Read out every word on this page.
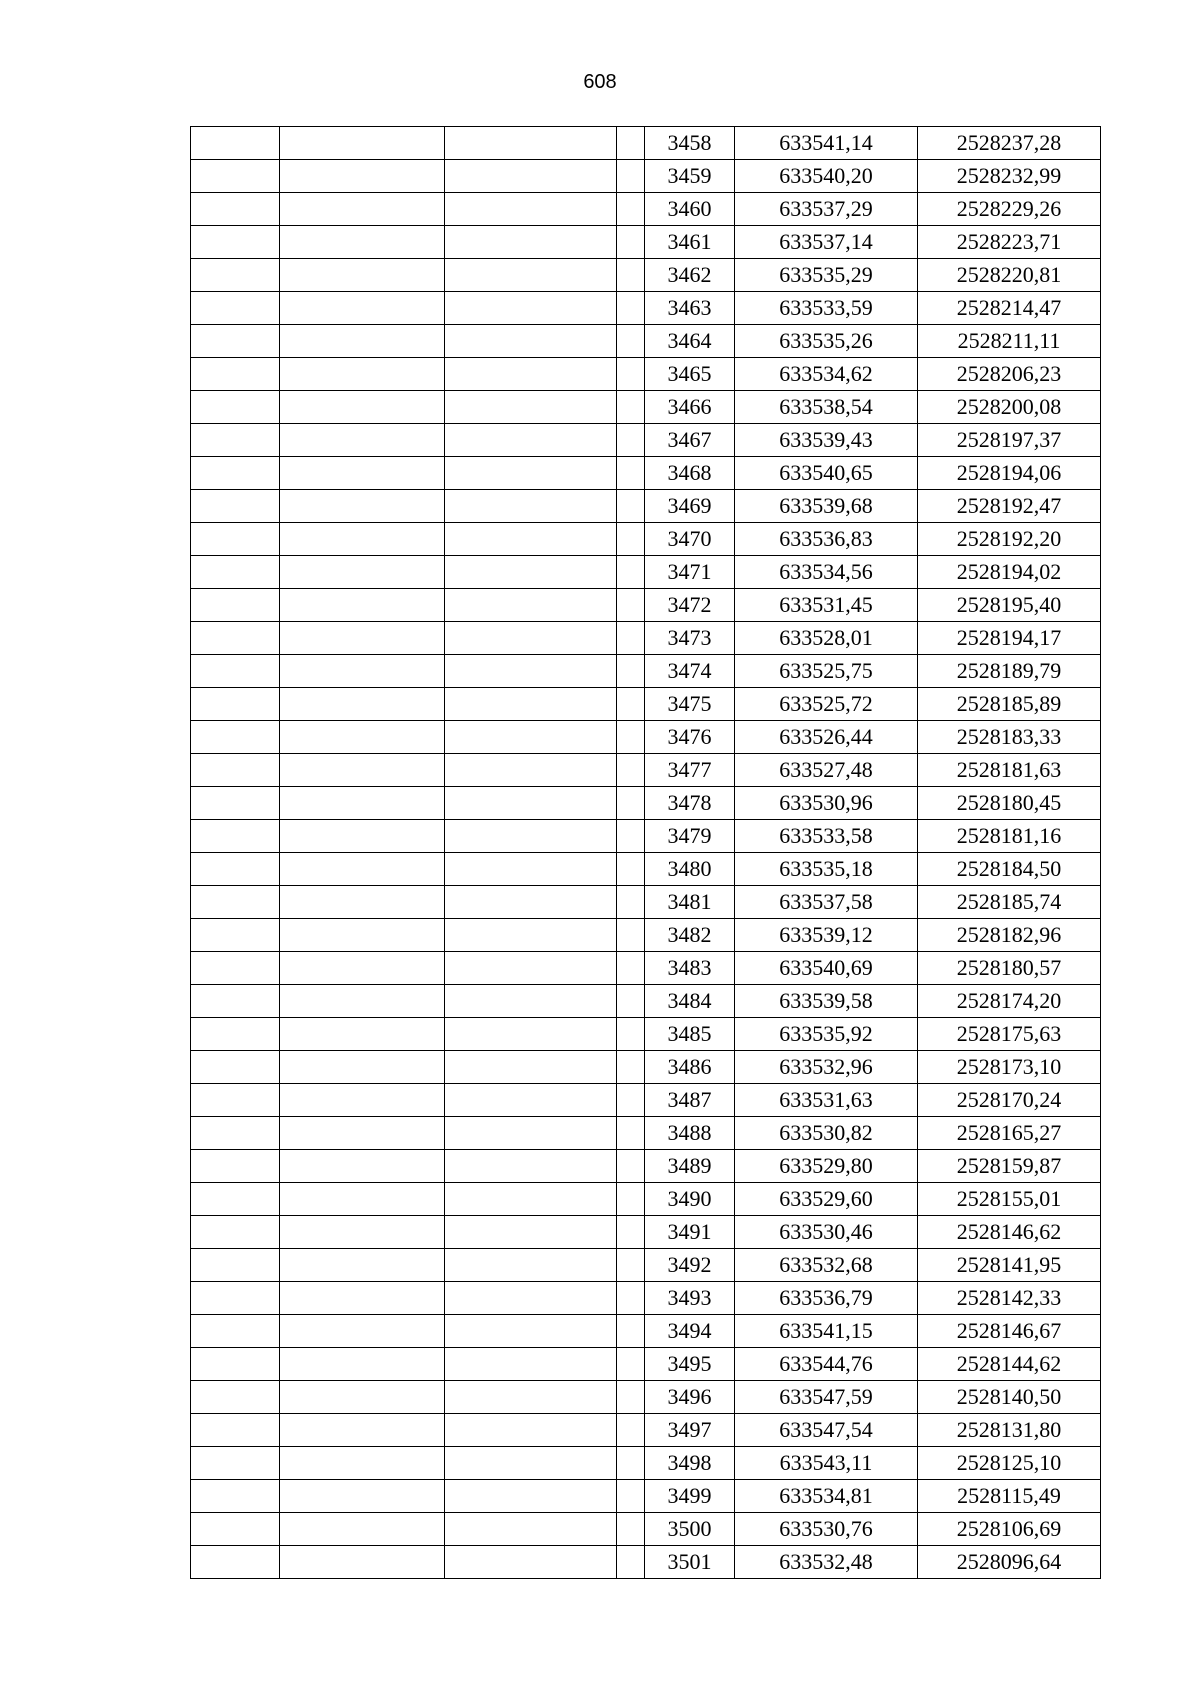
608
				3458	633541,14	2528237,28
				3459	633540,20	2528232,99
				3460	633537,29	2528229,26
				3461	633537,14	2528223,71
				3462	633535,29	2528220,81
				3463	633533,59	2528214,47
				3464	633535,26	2528211,11
				3465	633534,62	2528206,23
				3466	633538,54	2528200,08
				3467	633539,43	2528197,37
				3468	633540,65	2528194,06
				3469	633539,68	2528192,47
				3470	633536,83	2528192,20
				3471	633534,56	2528194,02
				3472	633531,45	2528195,40
				3473	633528,01	2528194,17
				3474	633525,75	2528189,79
				3475	633525,72	2528185,89
				3476	633526,44	2528183,33
				3477	633527,48	2528181,63
				3478	633530,96	2528180,45
				3479	633533,58	2528181,16
				3480	633535,18	2528184,50
				3481	633537,58	2528185,74
				3482	633539,12	2528182,96
				3483	633540,69	2528180,57
				3484	633539,58	2528174,20
				3485	633535,92	2528175,63
				3486	633532,96	2528173,10
				3487	633531,63	2528170,24
				3488	633530,82	2528165,27
				3489	633529,80	2528159,87
				3490	633529,60	2528155,01
				3491	633530,46	2528146,62
				3492	633532,68	2528141,95
				3493	633536,79	2528142,33
				3494	633541,15	2528146,67
				3495	633544,76	2528144,62
				3496	633547,59	2528140,50
				3497	633547,54	2528131,80
				3498	633543,11	2528125,10
				3499	633534,81	2528115,49
				3500	633530,76	2528106,69
				3501	633532,48	2528096,64
